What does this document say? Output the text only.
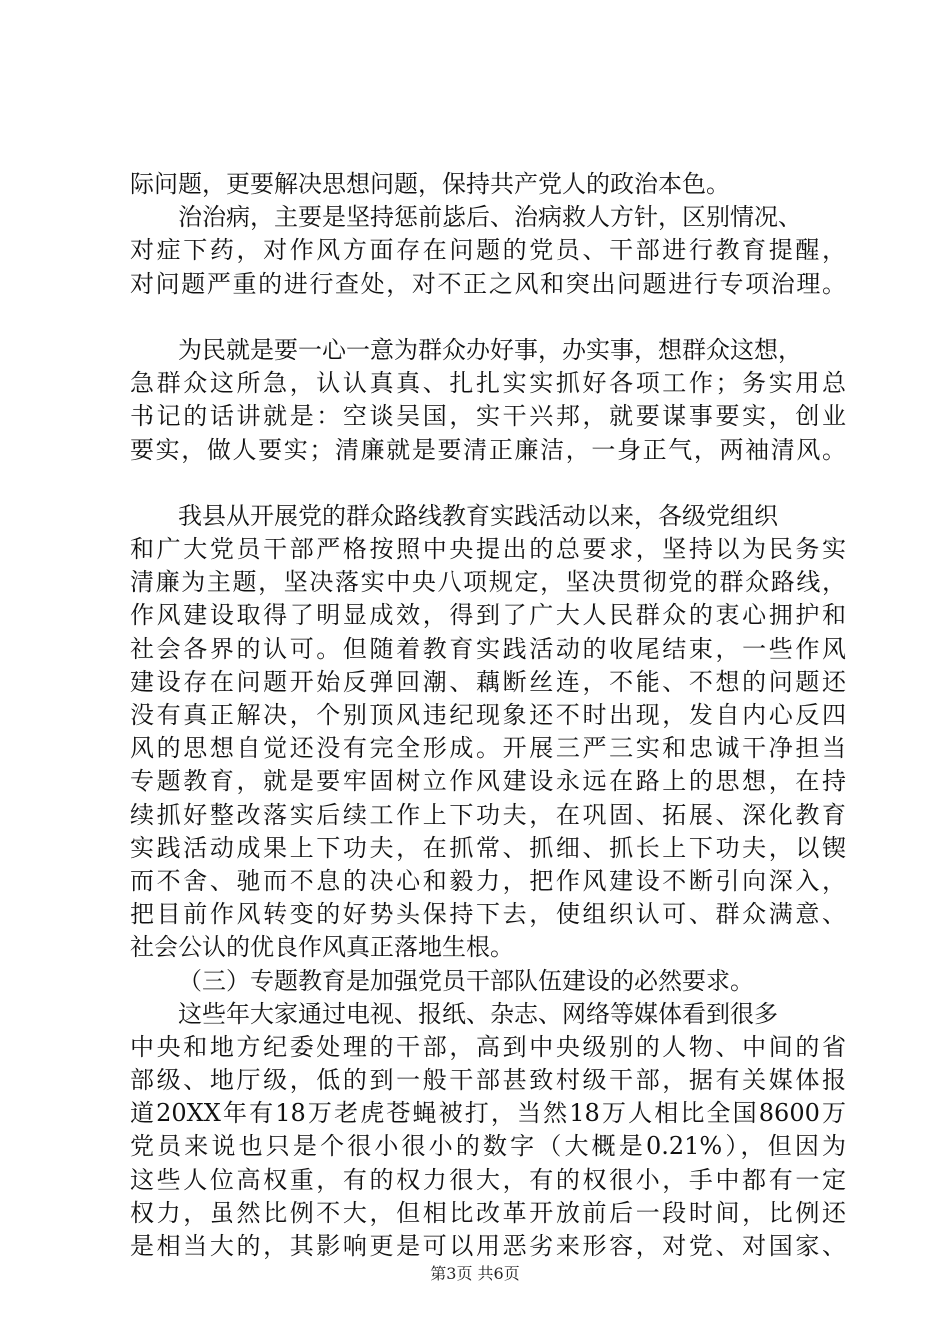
际问题，更要解决思想问题，保持共产党人的政治本色。
治治病，主要是坚持惩前毖后、治病救人方针，区别情况、
对症下药，对作风方面存在问题的党员、干部进行教育提醒，
对问题严重的进行查处，对不正之风和突出问题进行专项治理。
为民就是要一心一意为群众办好事，办实事，想群众这想，
急群众这所急，认认真真、扎扎实实抓好各项工作；务实用总
书记的话讲就是：空谈吴国，实干兴邦，就要谋事要实，创业
要实，做人要实；清廉就是要清正廉洁，一身正气，两袖清风。
我县从开展党的群众路线教育实践活动以来，各级党组织
和广大党员干部严格按照中央提出的总要求，坚持以为民务实
清廉为主题，坚决落实中央八项规定，坚决贯彻党的群众路线，
作风建设取得了明显成效，得到了广大人民群众的衷心拥护和
社会各界的认可。但随着教育实践活动的收尾结束，一些作风
建设存在问题开始反弹回潮、藕断丝连，不能、不想的问题还
没有真正解决，个别顶风违纪现象还不时出现，发自内心反四
风的思想自觉还没有完全形成。开展三严三实和忠诚干净担当
专题教育，就是要牢固树立作风建设永远在路上的思想，在持
续抓好整改落实后续工作上下功夫，在巩固、拓展、深化教育
实践活动成果上下功夫，在抓常、抓细、抓长上下功夫，以锲
而不舍、驰而不息的决心和毅力，把作风建设不断引向深入，
把目前作风转变的好势头保持下去，使组织认可、群众满意、
社会公认的优良作风真正落地生根。
（三）专题教育是加强党员干部队伍建设的必然要求。
这些年大家通过电视、报纸、杂志、网络等媒体看到很多
中央和地方纪委处理的干部，高到中央级别的人物、中间的省
部级、地厅级，低的到一般干部甚致村级干部，据有关媒体报
道20XX年有18万老虎苍蝇被打，当然18万人相比全国8600万
党员来说也只是个很小很小的数字（大概是0.21%），但因为
这些人位高权重，有的权力很大，有的权很小，手中都有一定
权力，虽然比例不大，但相比改革开放前后一段时间，比例还
是相当大的，其影响更是可以用恶劣来形容，对党、对国家、
第3页 共6页
